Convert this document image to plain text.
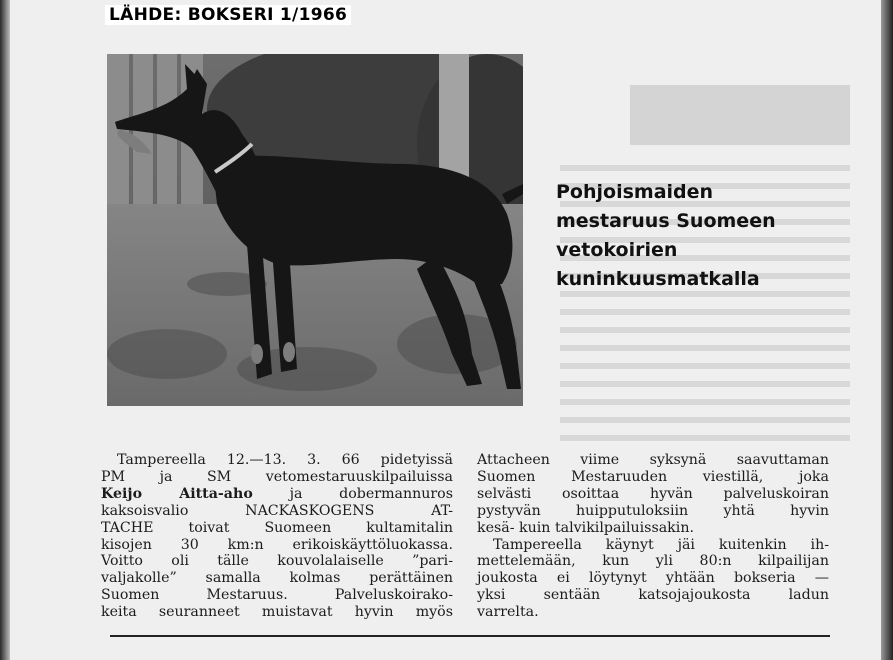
LÄHDE: BOKSERI 1/1966
Pohjoismaiden
mestaruus Suomeen
vetokoirien
kuninkuusmatkalla
Tampereella 12.—13. 3. 66 pidetyissä
PM ja SM vetomestaruuskilpailuissa
Keijo Aitta-aho	ja dobermannuros
kaksoisvalio NACKASKOGENS AT-
TACHE toivat Suomeen kultamitalin
kisojen 30 km:n erikoiskäyttöluokassa.
Voitto oli tälle kouvolalaiselle ”pari-
valjakolle” samalla kolmas perättäinen
Suomen Mestaruus. Palveluskoirako-
keita seuranneet muistavat hyvin myös
Attacheen viime syksynä saavuttaman
Suomen Mestaruuden viestillä, joka
selvästi osoittaa hyvän palveluskoiran
pystyvän huipputuloksiin yhtä hyvin
kesä- kuin talvikilpailuissakin.
Tampereella käynyt jäi kuitenkin ih-
mettelemään, kun yli 80:n kilpailijan
joukosta ei löytynyt yhtään bokseria —
yksi sentään katsojajoukosta ladun
varrelta.
